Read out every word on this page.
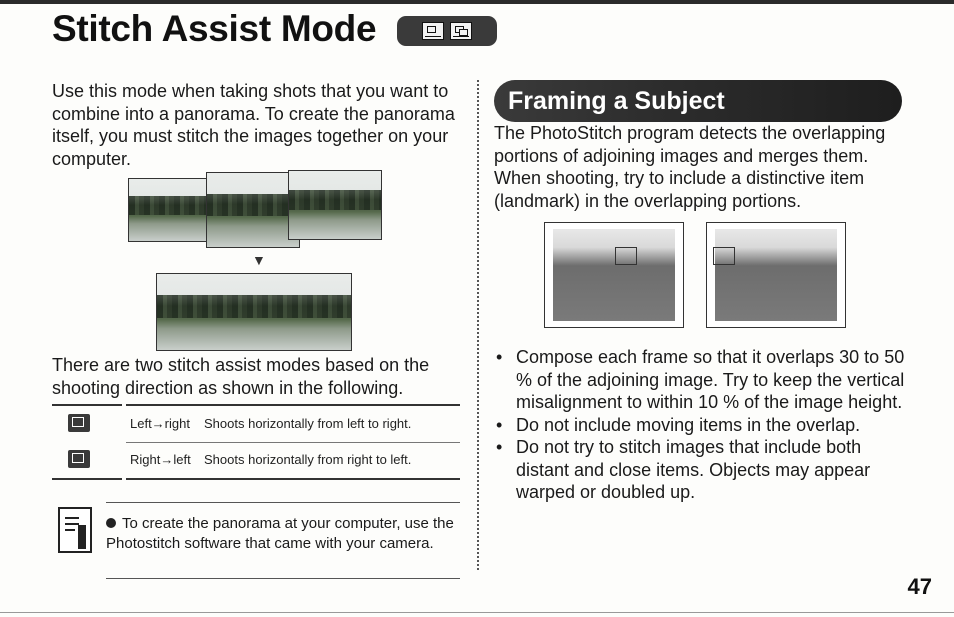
Stitch Assist Mode
Use this mode when taking shots that you want to combine into a panorama. To create the panorama itself, you must stitch the images together on your computer.
▼
There are two stitch assist modes based on the shooting direction as shown in the following.
Left→right Shoots horizontally from left to right.
Right→left Shoots horizontally from right to left.
To create the panorama at your computer, use the Photostitch software that came with your camera.
Framing a Subject
The PhotoStitch program detects the overlapping portions of adjoining images and merges them. When shooting, try to include a distinctive item (landmark) in the overlapping portions.
• Compose each frame so that it overlaps 30 to 50 % of the adjoining image. Try to keep the vertical misalignment to within 10 % of the image height.
• Do not include moving items in the overlap.
• Do not try to stitch images that include both distant and close items. Objects may appear warped or doubled up.
47
